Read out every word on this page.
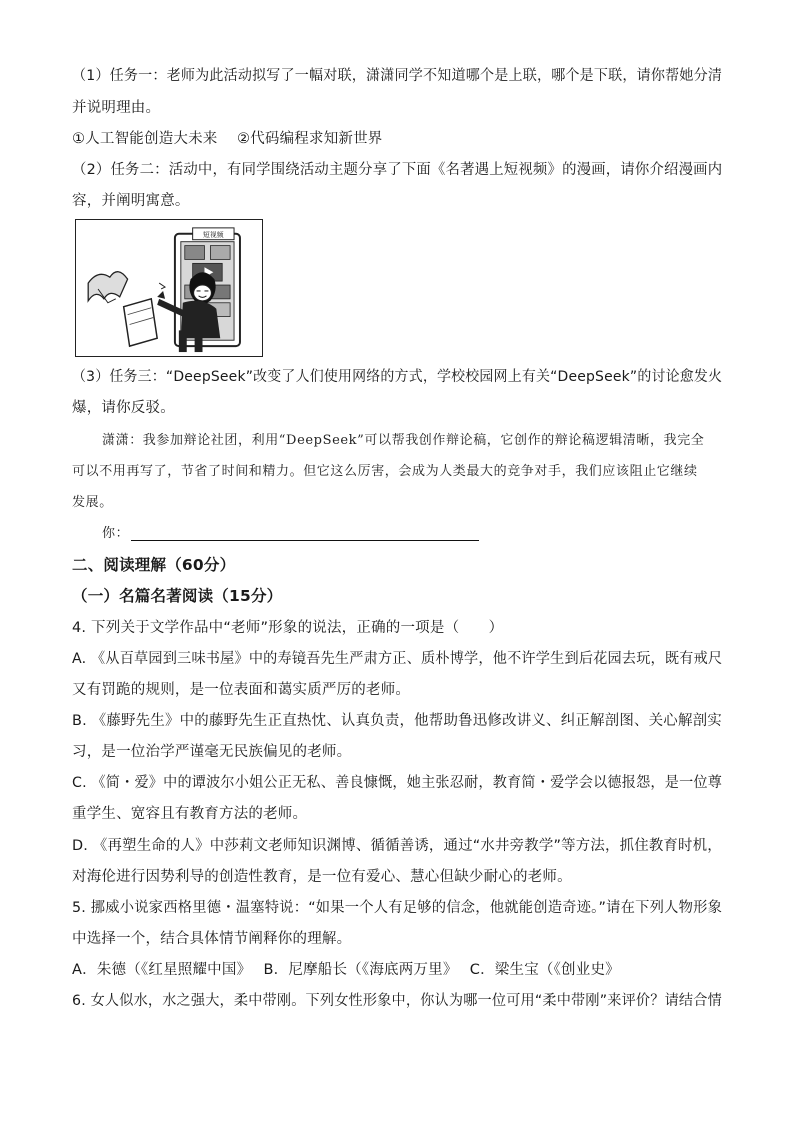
（1）任务一：老师为此活动拟写了一幅对联，潇潇同学不知道哪个是上联，哪个是下联，请你帮她分清
并说明理由。
①人工智能创造大未来　 ②代码编程求知新世界
（2）任务二：活动中，有同学围绕活动主题分享了下面《名著遇上短视频》的漫画，请你介绍漫画内
容，并阐明寓意。
短视频
（3）任务三：“DeepSeek”改变了人们使用网络的方式，学校校园网上有关“DeepSeek”的讨论愈发火
爆，请你反驳。
潇潇：我参加辩论社团，利用“DeepSeek”可以帮我创作辩论稿，它创作的辩论稿逻辑清晰，我完全
可以不用再写了，节省了时间和精力。但它这么厉害，会成为人类最大的竞争对手，我们应该阻止它继续
发展。
你：
二、阅读理解（60分）
（一）名篇名著阅读（15分）
4. 下列关于文学作品中“老师”形象的说法，正确的一项是（　　）
A. 《从百草园到三味书屋》中的寿镜吾先生严肃方正、质朴博学，他不许学生到后花园去玩，既有戒尺
又有罚跪的规则，是一位表面和蔼实质严厉的老师。
B. 《藤野先生》中的藤野先生正直热忱、认真负责，他帮助鲁迅修改讲义、纠正解剖图、关心解剖实
习，是一位治学严谨毫无民族偏见的老师。
C. 《简・爱》中的谭波尔小姐公正无私、善良慷慨，她主张忍耐，教育简・爱学会以德报怨，是一位尊
重学生、宽容且有教育方法的老师。
D. 《再塑生命的人》中莎莉文老师知识渊博、循循善诱，通过“水井旁教学”等方法，抓住教育时机，
对海伦进行因势利导的创造性教育，是一位有爱心、慧心但缺少耐心的老师。
5. 挪威小说家西格里德・温塞特说：“如果一个人有足够的信念，他就能创造奇迹。”请在下列人物形象
中选择一个，结合具体情节阐释你的理解。
A．朱德（《红星照耀中国》　 B．尼摩船长（《海底两万里》　 C．梁生宝（《创业史》
6. 女人似水，水之强大，柔中带刚。下列女性形象中，你认为哪一位可用“柔中带刚”来评价？请结合情
